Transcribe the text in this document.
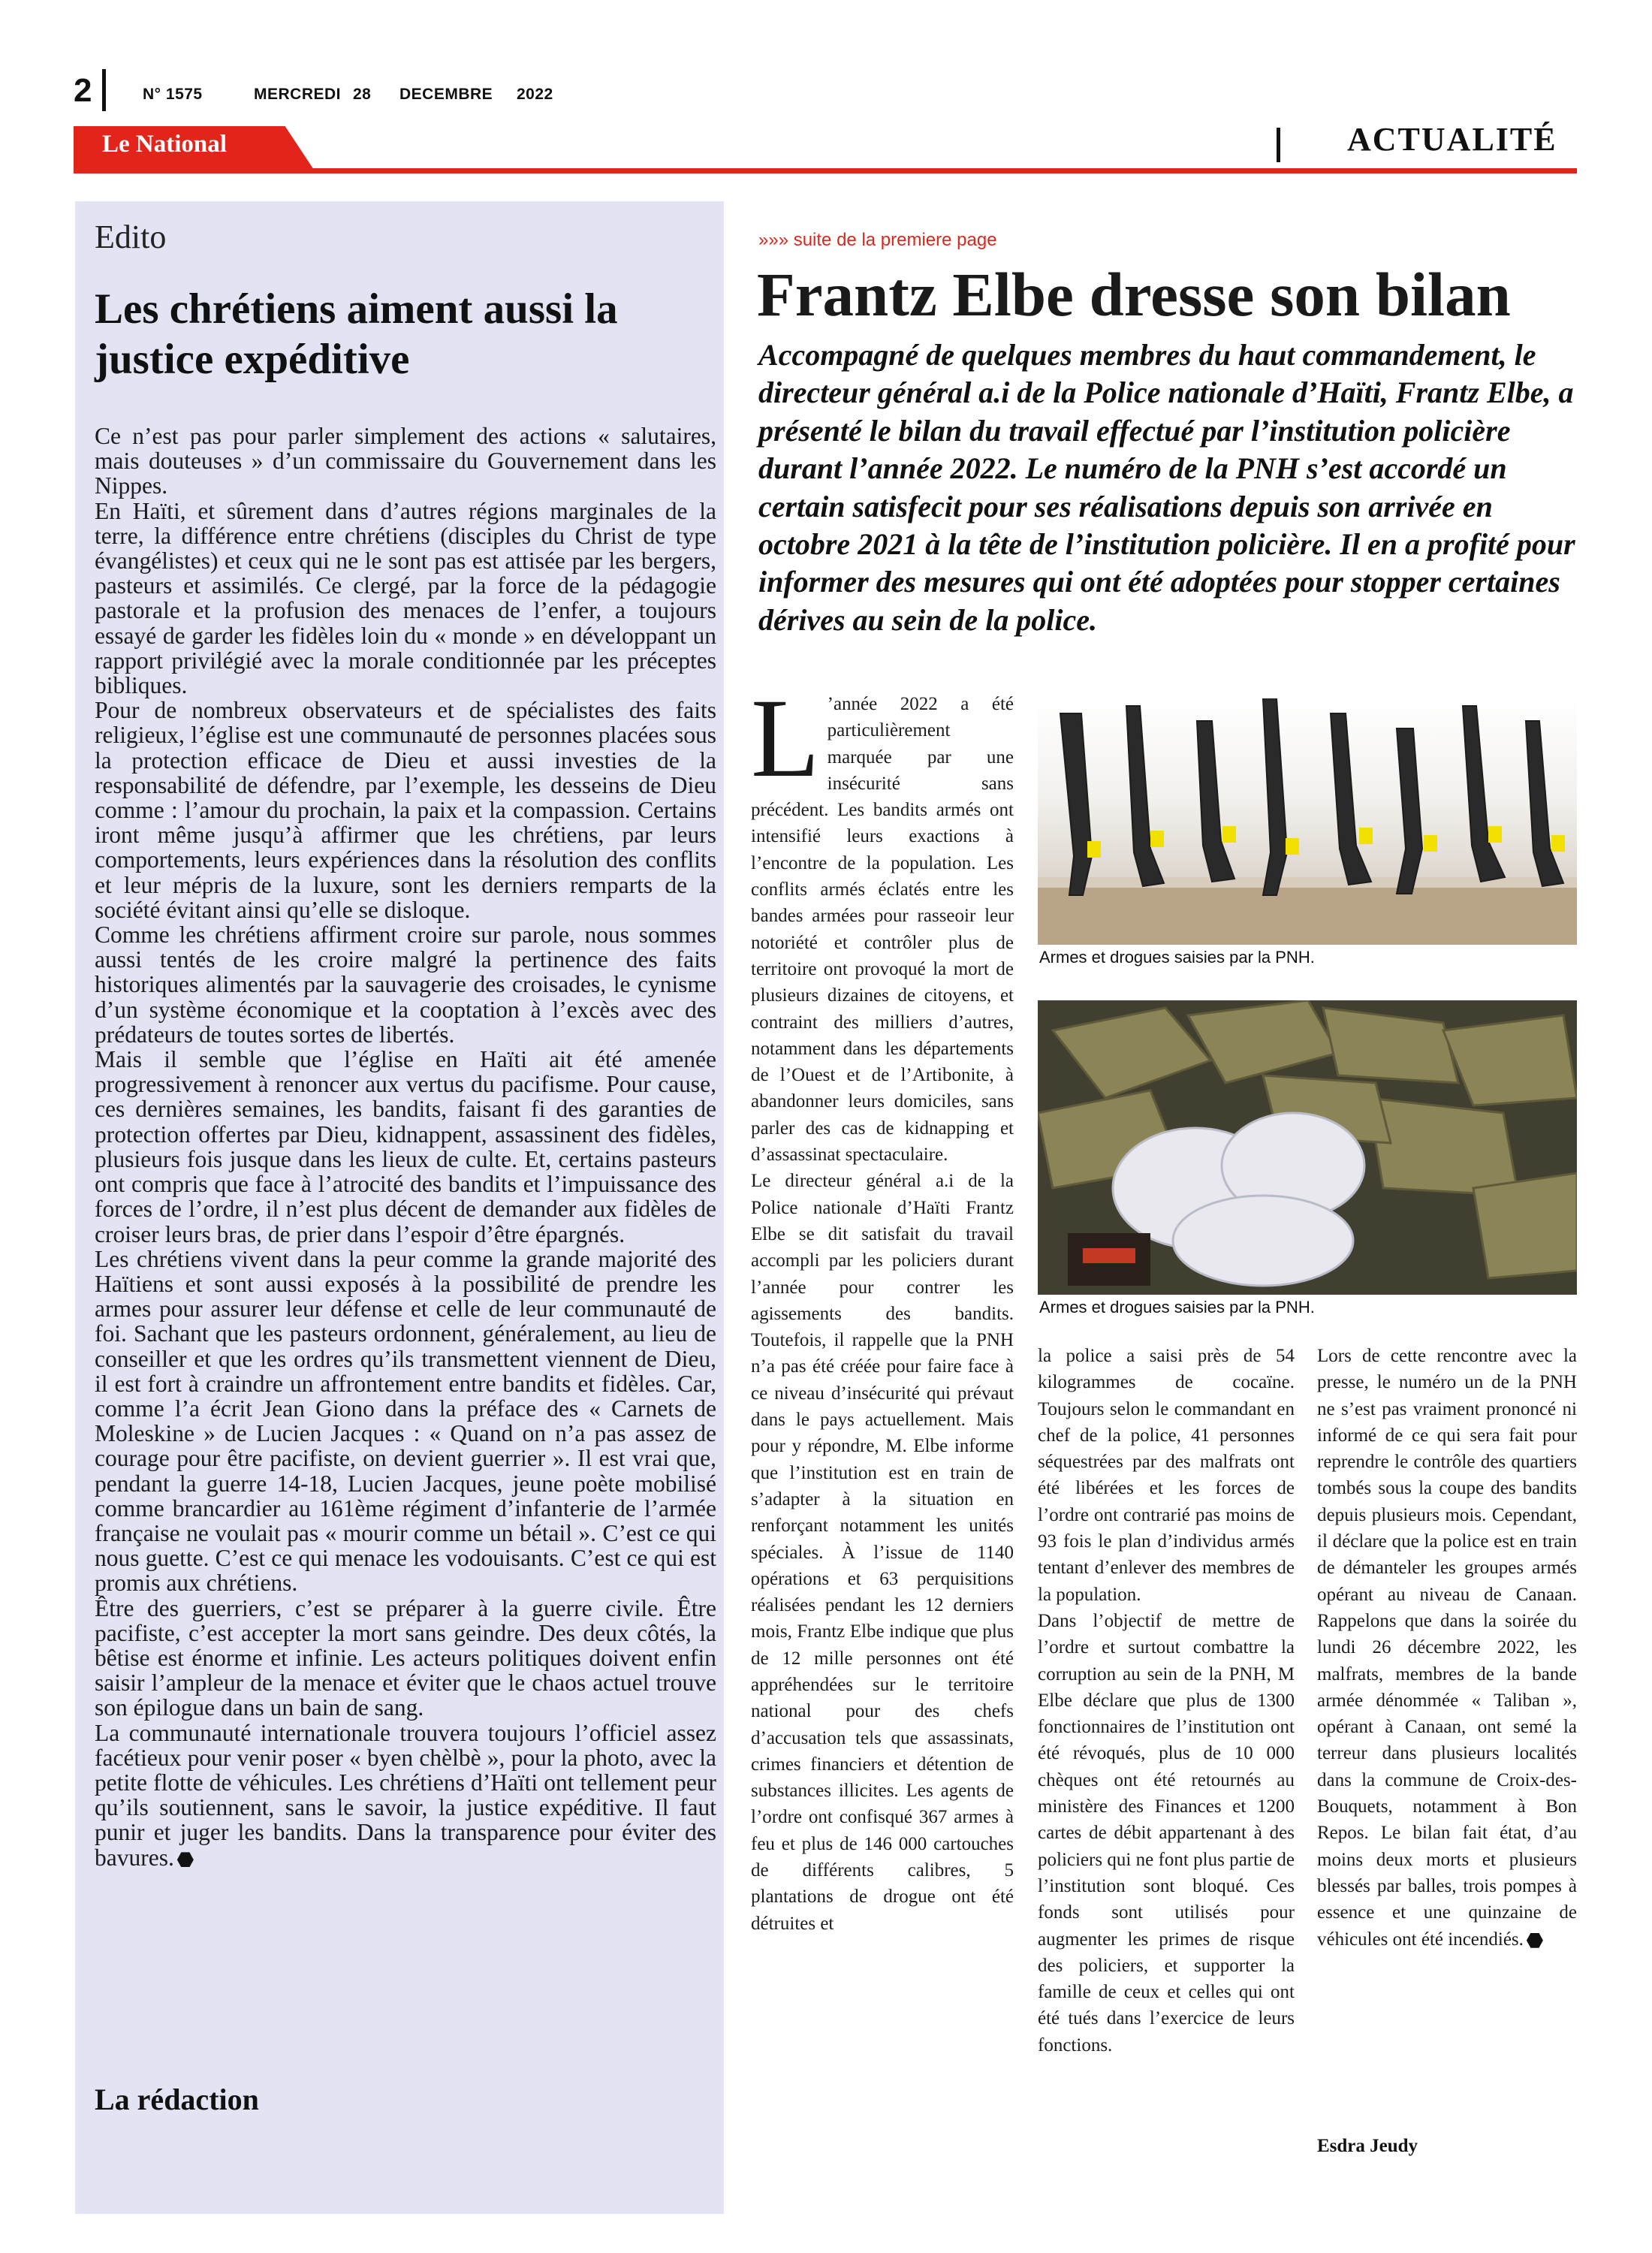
2	N° 1575	MERCREDI 28 DECEMBRE 2022
Le National	ACTUALITÉ
Edito
Les chrétiens aiment aussi la justice expéditive

Ce n’est pas pour parler simplement des actions « salutaires, mais douteuses » d’un commissaire du Gouvernement dans les Nippes.

En Haïti, et sûrement dans d’autres régions marginales de la terre, la différence entre chrétiens (disciples du Christ de type évangélistes) et ceux qui ne le sont pas est attisée par les bergers, pasteurs et assimilés. Ce clergé, par la force de la pédagogie pastorale et la profusion des menaces de l’enfer, a toujours essayé de garder les fidèles loin du « monde » en développant un rapport privilégié avec la morale conditionnée par les préceptes bibliques.

Pour de nombreux observateurs et de spécialistes des faits religieux, l’église est une communauté de personnes placées sous la protection efficace de Dieu et aussi investies de la responsabilité de défendre, par l’exemple, les desseins de Dieu comme : l’amour du prochain, la paix et la compassion. Certains iront même jusqu’à affirmer que les chrétiens, par leurs comportements, leurs expériences dans la résolution des conflits et leur mépris de la luxure, sont les derniers remparts de la société évitant ainsi qu’elle se disloque.

Comme les chrétiens affirment croire sur parole, nous sommes aussi tentés de les croire malgré la pertinence des faits historiques alimentés par la sauvagerie des croisades, le cynisme d’un système économique et la cooptation à l’excès avec des prédateurs de toutes sortes de libertés.

Mais il semble que l’église en Haïti ait été amenée progressivement à renoncer aux vertus du pacifisme. Pour cause, ces dernières semaines, les bandits, faisant fi des garanties de protection offertes par Dieu, kidnappent, assassinent des fidèles, plusieurs fois jusque dans les lieux de culte. Et, certains pasteurs ont compris que face à l’atrocité des bandits et l’impuissance des forces de l’ordre, il n’est plus décent de demander aux fidèles de croiser leurs bras, de prier dans l’espoir d’être épargnés.

Les chrétiens vivent dans la peur comme la grande majorité des Haïtiens et sont aussi exposés à la possibilité de prendre les armes pour assurer leur défense et celle de leur communauté de foi. Sachant que les pasteurs ordonnent, généralement, au lieu de conseiller et que les ordres qu’ils transmettent viennent de Dieu, il est fort à craindre un affrontement entre bandits et fidèles. Car, comme l’a écrit Jean Giono dans la préface des « Carnets de Moleskine » de Lucien Jacques : « Quand on n’a pas assez de courage pour être pacifiste, on devient guerrier ». Il est vrai que, pendant la guerre 14-18, Lucien Jacques, jeune poète mobilisé comme brancardier au 161ème régiment d’infanterie de l’armée française ne voulait pas « mourir comme un bétail ». C’est ce qui nous guette. C’est ce qui menace les vodouisants. C’est ce qui est promis aux chrétiens.

Être des guerriers, c’est se préparer à la guerre civile. Être pacifiste, c’est accepter la mort sans geindre. Des deux côtés, la bêtise est énorme et infinie. Les acteurs politiques doivent enfin saisir l’ampleur de la menace et éviter que le chaos actuel trouve son épilogue dans un bain de sang.

La communauté internationale trouvera toujours l’officiel assez facétieux pour venir poser « byen chèlbè », pour la photo, avec la petite flotte de véhicules. Les chrétiens d’Haïti ont tellement peur qu’ils soutiennent, sans le savoir, la justice expéditive. Il faut punir et juger les bandits. Dans la transparence pour éviter des bavures.

La rédaction
»»» suite de la premiere page
Frantz Elbe dresse son bilan
Accompagné de quelques membres du haut commandement, le directeur général a.i de la Police nationale d’Haïti, Frantz Elbe, a présenté le bilan du travail effectué par l’institution policière durant l’année 2022. Le numéro de la PNH s’est accordé un certain satisfecit pour ses réalisations depuis son arrivée en octobre 2021 à la tête de l’institution policière. Il en a profité pour informer des mesures qui ont été adoptées pour stopper certaines dérives au sein de la police.

L ’année 2022 a été particulièrement marquée par une insécurité sans précédent. Les bandits armés ont intensifié leurs exactions à l’encontre de la population. Les conflits armés éclatés entre les bandes armées pour rasseoir leur notoriété et contrôler plus de territoire ont provoqué la mort de plusieurs dizaines de citoyens, et contraint des milliers d’autres, notamment dans les départements de l’Ouest et de l’Artibonite, à abandonner leurs domiciles, sans parler des cas de kidnapping et d’assassinat spectaculaire.

Le directeur général a.i de la Police nationale d’Haïti Frantz Elbe se dit satisfait du travail accompli par les policiers durant l’année pour contrer les agissements des bandits. Toutefois, il rappelle que la PNH n’a pas été créée pour faire face à ce niveau d’insécurité qui prévaut dans le pays actuellement. Mais pour y répondre, M. Elbe informe que l’institution est en train de s’adapter à la situation en renforçant notamment les unités spéciales. À l’issue de 1140 opérations et 63 perquisitions réalisées pendant les 12 derniers mois, Frantz Elbe indique que plus de 12 mille personnes ont été appréhendées sur le territoire national pour des chefs d’accusation tels que assassinats, crimes financiers et détention de substances illicites. Les agents de l’ordre ont confisqué 367 armes à feu et plus de 146 000 cartouches de différents calibres, 5 plantations de drogue ont été détruites et

Armes et drogues saisies par la PNH.
Armes et drogues saisies par la PNH.

la police a saisi près de 54 kilogrammes de cocaïne. Toujours selon le commandant en chef de la police, 41 personnes séquestrées par des malfrats ont été libérées et les forces de l’ordre ont contrarié pas moins de 93 fois le plan d’individus armés tentant d’enlever des membres de la population.

Dans l’objectif de mettre de l’ordre et surtout combattre la corruption au sein de la PNH, M Elbe déclare que plus de 1300 fonctionnaires de l’institution ont été révoqués, plus de 10 000 chèques ont été retournés au ministère des Finances et 1200 cartes de débit appartenant à des policiers qui ne font plus partie de l’institution sont bloqué. Ces fonds sont utilisés pour augmenter les primes de risque des policiers, et supporter la famille de ceux et celles qui ont été tués dans l’exercice de leurs fonctions.

Lors de cette rencontre avec la presse, le numéro un de la PNH ne s’est pas vraiment prononcé ni informé de ce qui sera fait pour reprendre le contrôle des quartiers tombés sous la coupe des bandits depuis plusieurs mois. Cependant, il déclare que la police est en train de démanteler les groupes armés opérant au niveau de Canaan. Rappelons que dans la soirée du lundi 26 décembre 2022, les malfrats, membres de la bande armée dénommée « Taliban », opérant à Canaan, ont semé la terreur dans plusieurs localités dans la commune de Croix-des-Bouquets, notamment à Bon Repos. Le bilan fait état, d’au moins deux morts et plusieurs blessés par balles, trois pompes à essence et une quinzaine de véhicules ont été incendiés.

Esdra Jeudy
